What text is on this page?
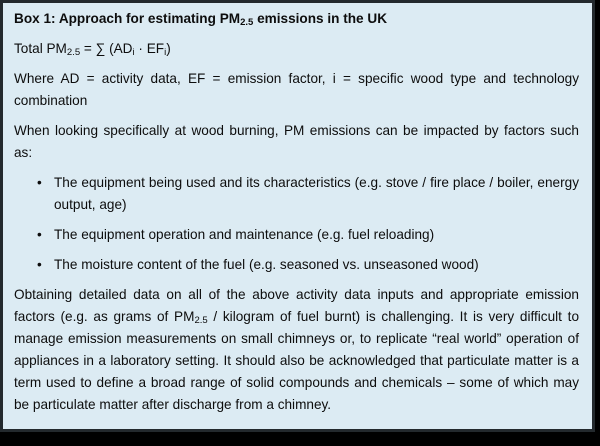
Box 1: Approach for estimating $PM_{2.5}$ emissions in the UK

Total $PM_{2.5}$ = ∑ $(AD_i \cdot EF_i)$

Where AD = activity data, EF = emission factor, i = specific wood type and technology combination

When looking specifically at wood burning, PM emissions can be impacted by factors such as:

• The equipment being used and its characteristics (e.g. stove / fire place / boiler, energy output, age)
• The equipment operation and maintenance (e.g. fuel reloading)
• The moisture content of the fuel (e.g. seasoned vs. unseasoned wood)

Obtaining detailed data on all of the above activity data inputs and appropriate emission factors (e.g. as grams of $PM_{2.5}$ / kilogram of fuel burnt) is challenging. It is very difficult to manage emission measurements on small chimneys or, to replicate “real world” operation of appliances in a laboratory setting. It should also be acknowledged that particulate matter is a term used to define a broad range of solid compounds and chemicals – some of which may be particulate matter after discharge from a chimney.
